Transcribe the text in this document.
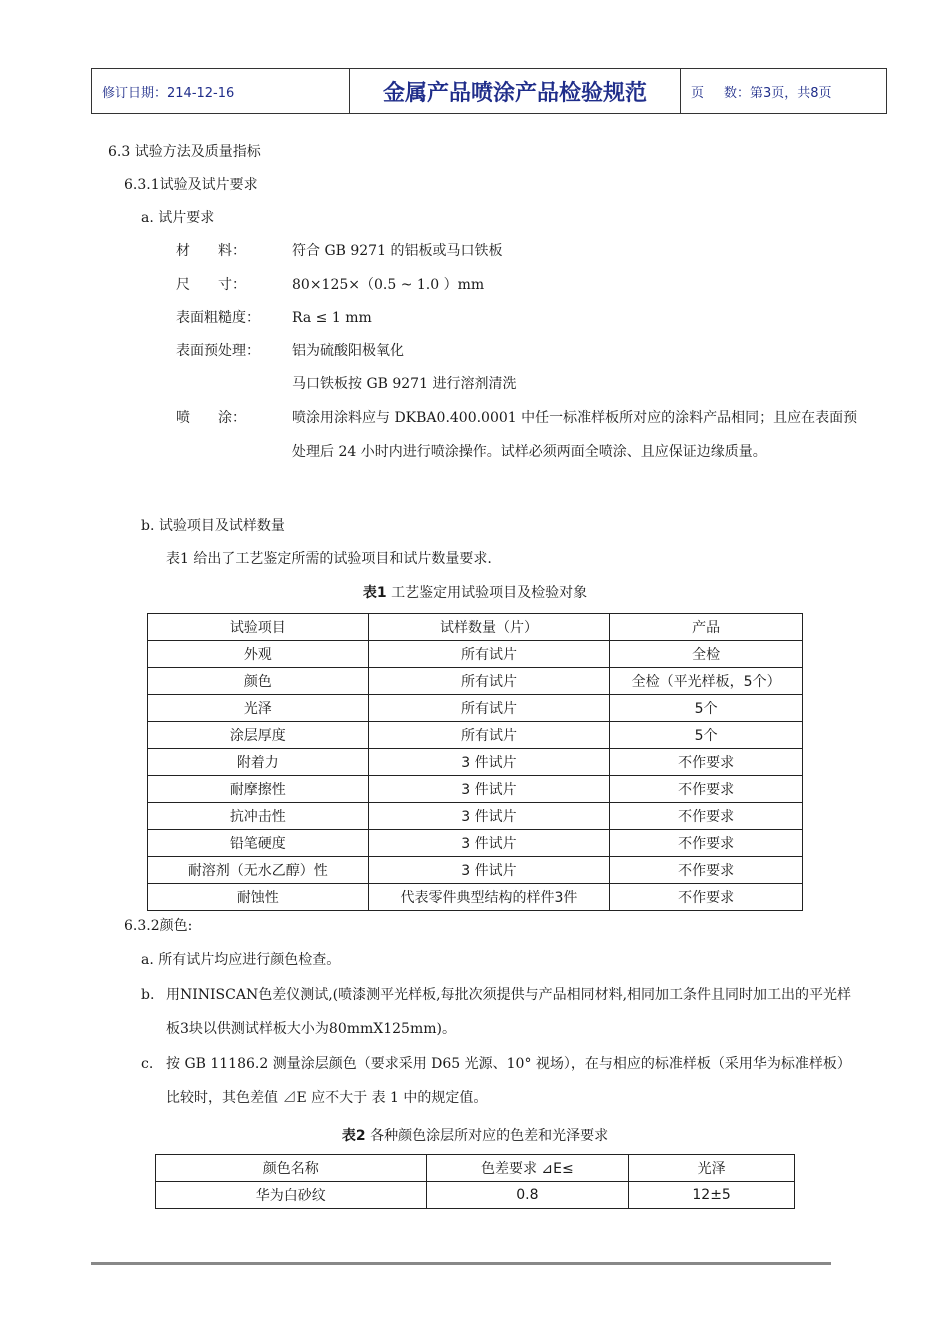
修订日期：214-12-16	金属产品喷涂产品检验规范	页 数：第3页，共8页
6.3 试验方法及质量指标
6.3.1试验及试片要求
a. 试片要求
材　　料：	符合 GB 9271 的铝板或马口铁板
尺　　寸：	80×125×（0.5 ~ 1.0 ）mm
表面粗糙度： Ra ≤ 1 mm
表面预处理： 铝为硫酸阳极氧化
马口铁板按 GB 9271 进行溶剂清洗
喷　　涂：	喷涂用涂料应与 DKBA0.400.0001 中任一标准样板所对应的涂料产品相同；且应在表面预处理后 24 小时内进行喷涂操作。试样必须两面全喷涂、且应保证边缘质量。
b. 试验项目及试样数量
表1 给出了工艺鉴定所需的试验项目和试片数量要求.
表1 工艺鉴定用试验项目及检验对象
试验项目	试样数量（片）	产品
外观	所有试片	全检
颜色	所有试片	全检（平光样板，5个）
光泽	所有试片	5个
涂层厚度	所有试片	5个
附着力	3 件试片	不作要求
耐摩擦性	3 件试片	不作要求
抗冲击性	3 件试片	不作要求
铅笔硬度	3 件试片	不作要求
耐溶剂（无水乙醇）性	3 件试片	不作要求
耐蚀性	代表零件典型结构的样件3件	不作要求
6.3.2颜色:
a. 所有试片均应进行颜色检查。
b. 用NINISCAN色差仪测试,(喷漆测平光样板,每批次须提供与产品相同材料,相同加工条件且同时加工出的平光样板3块以供测试样板大小为80mmX125mm)。
c. 按 GB 11186.2 测量涂层颜色（要求采用 D65 光源、10° 视场），在与相应的标准样板（采用华为标准样板）比较时，其色差值 ⊿E 应不大于 表 1 中的规定值。
表2 各种颜色涂层所对应的色差和光泽要求
颜色名称	色差要求 ⊿E≤	光泽
华为白砂纹	0.8	12±5
